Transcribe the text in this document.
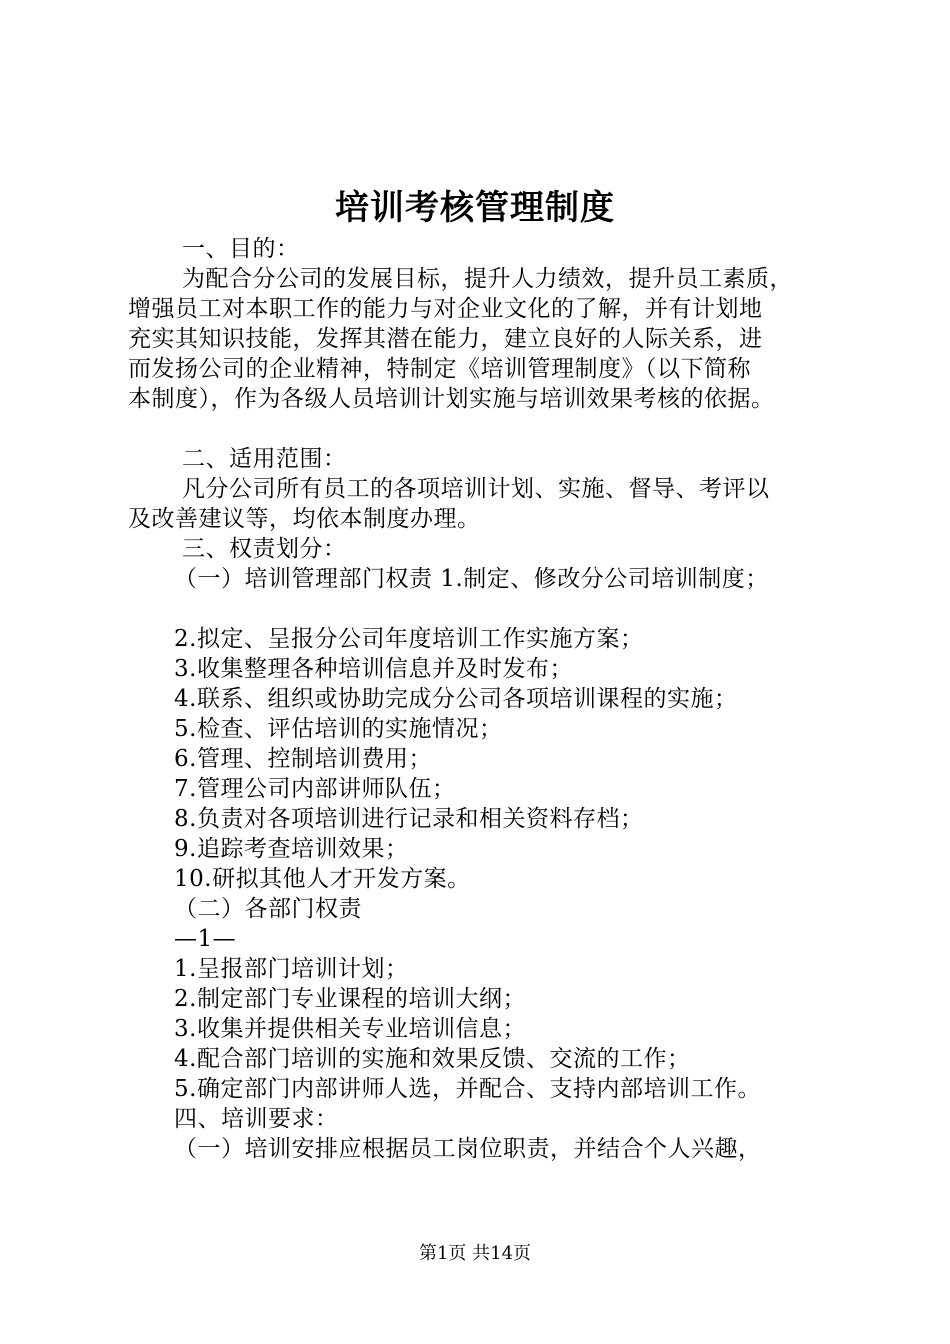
培训考核管理制度

一、目的：

为配合分公司的发展目标，提升人力绩效，提升员工素质，

增强员工对本职工作的能力与对企业文化的了解，并有计划地

充实其知识技能，发挥其潜在能力，建立良好的人际关系，进

而发扬公司的企业精神，特制定《培训管理制度》（以下简称

本制度），作为各级人员培训计划实施与培训效果考核的依据。

二、适用范围：

凡分公司所有员工的各项培训计划、实施、督导、考评以

及改善建议等，均依本制度办理。

三、权责划分：

（一）培训管理部门权责 1.制定、修改分公司培训制度；

2.拟定、呈报分公司年度培训工作实施方案；

3.收集整理各种培训信息并及时发布；

4.联系、组织或协助完成分公司各项培训课程的实施；

5.检查、评估培训的实施情况；

6.管理、控制培训费用；

7.管理公司内部讲师队伍；

8.负责对各项培训进行记录和相关资料存档；

9.追踪考查培训效果；

10.研拟其他人才开发方案。

（二）各部门权责

—1—

1.呈报部门培训计划；

2.制定部门专业课程的培训大纲；

3.收集并提供相关专业培训信息；

4.配合部门培训的实施和效果反馈、交流的工作；

5.确定部门内部讲师人选，并配合、支持内部培训工作。

四、培训要求：

（一）培训安排应根据员工岗位职责，并结合个人兴趣，

第1页 共14页
